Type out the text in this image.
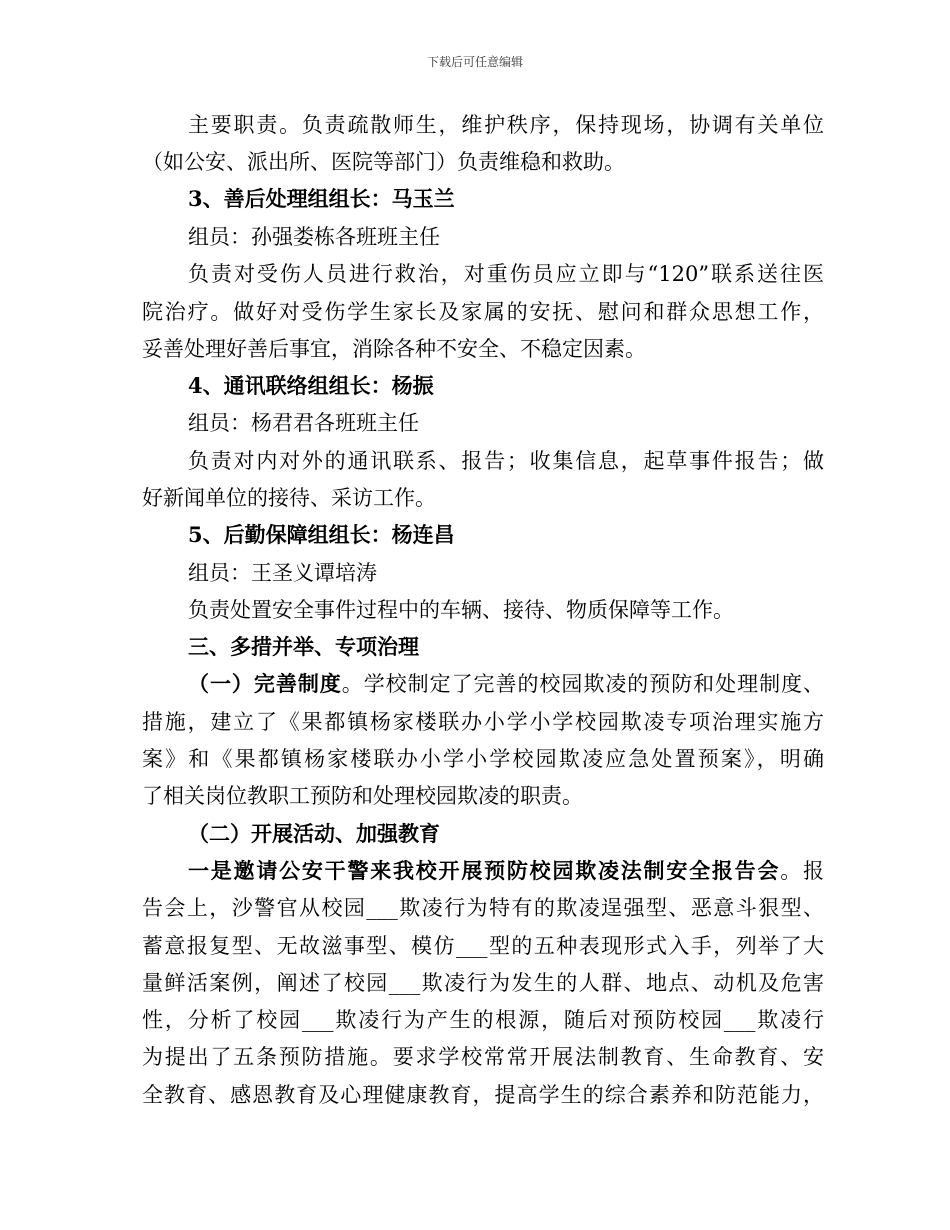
下载后可任意编辑
主要职责。负责疏散师生，维护秩序，保持现场，协调有关单位
（如公安、派出所、医院等部门）负责维稳和救助。
3、善后处理组组长：马玉兰
组员：孙强娄栋各班班主任
负责对受伤人员进行救治，对重伤员应立即与“120”联系送往医
院治疗。做好对受伤学生家长及家属的安抚、慰问和群众思想工作，
妥善处理好善后事宜，消除各种不安全、不稳定因素。
4、通讯联络组组长：杨振
组员：杨君君各班班主任
负责对内对外的通讯联系、报告；收集信息，起草事件报告；做
好新闻单位的接待、采访工作。
5、后勤保障组组长：杨连昌
组员：王圣义谭培涛
负责处置安全事件过程中的车辆、接待、物质保障等工作。
三、多措并举、专项治理
（一）完善制度。学校制定了完善的校园欺凌的预防和处理制度、
措施，建立了《果都镇杨家楼联办小学小学校园欺凌专项治理实施方
案》和《果都镇杨家楼联办小学小学校园欺凌应急处置预案》，明确
了相关岗位教职工预防和处理校园欺凌的职责。
（二）开展活动、加强教育
一是邀请公安干警来我校开展预防校园欺凌法制安全报告会。报
告会上，沙警官从校园___欺凌行为特有的欺凌逞强型、恶意斗狠型、
蓄意报复型、无故滋事型、模仿___型的五种表现形式入手，列举了大
量鲜活案例，阐述了校园___欺凌行为发生的人群、地点、动机及危害
性，分析了校园___欺凌行为产生的根源，随后对预防校园___欺凌行
为提出了五条预防措施。要求学校常常开展法制教育、生命教育、安
全教育、感恩教育及心理健康教育，提高学生的综合素养和防范能力，
